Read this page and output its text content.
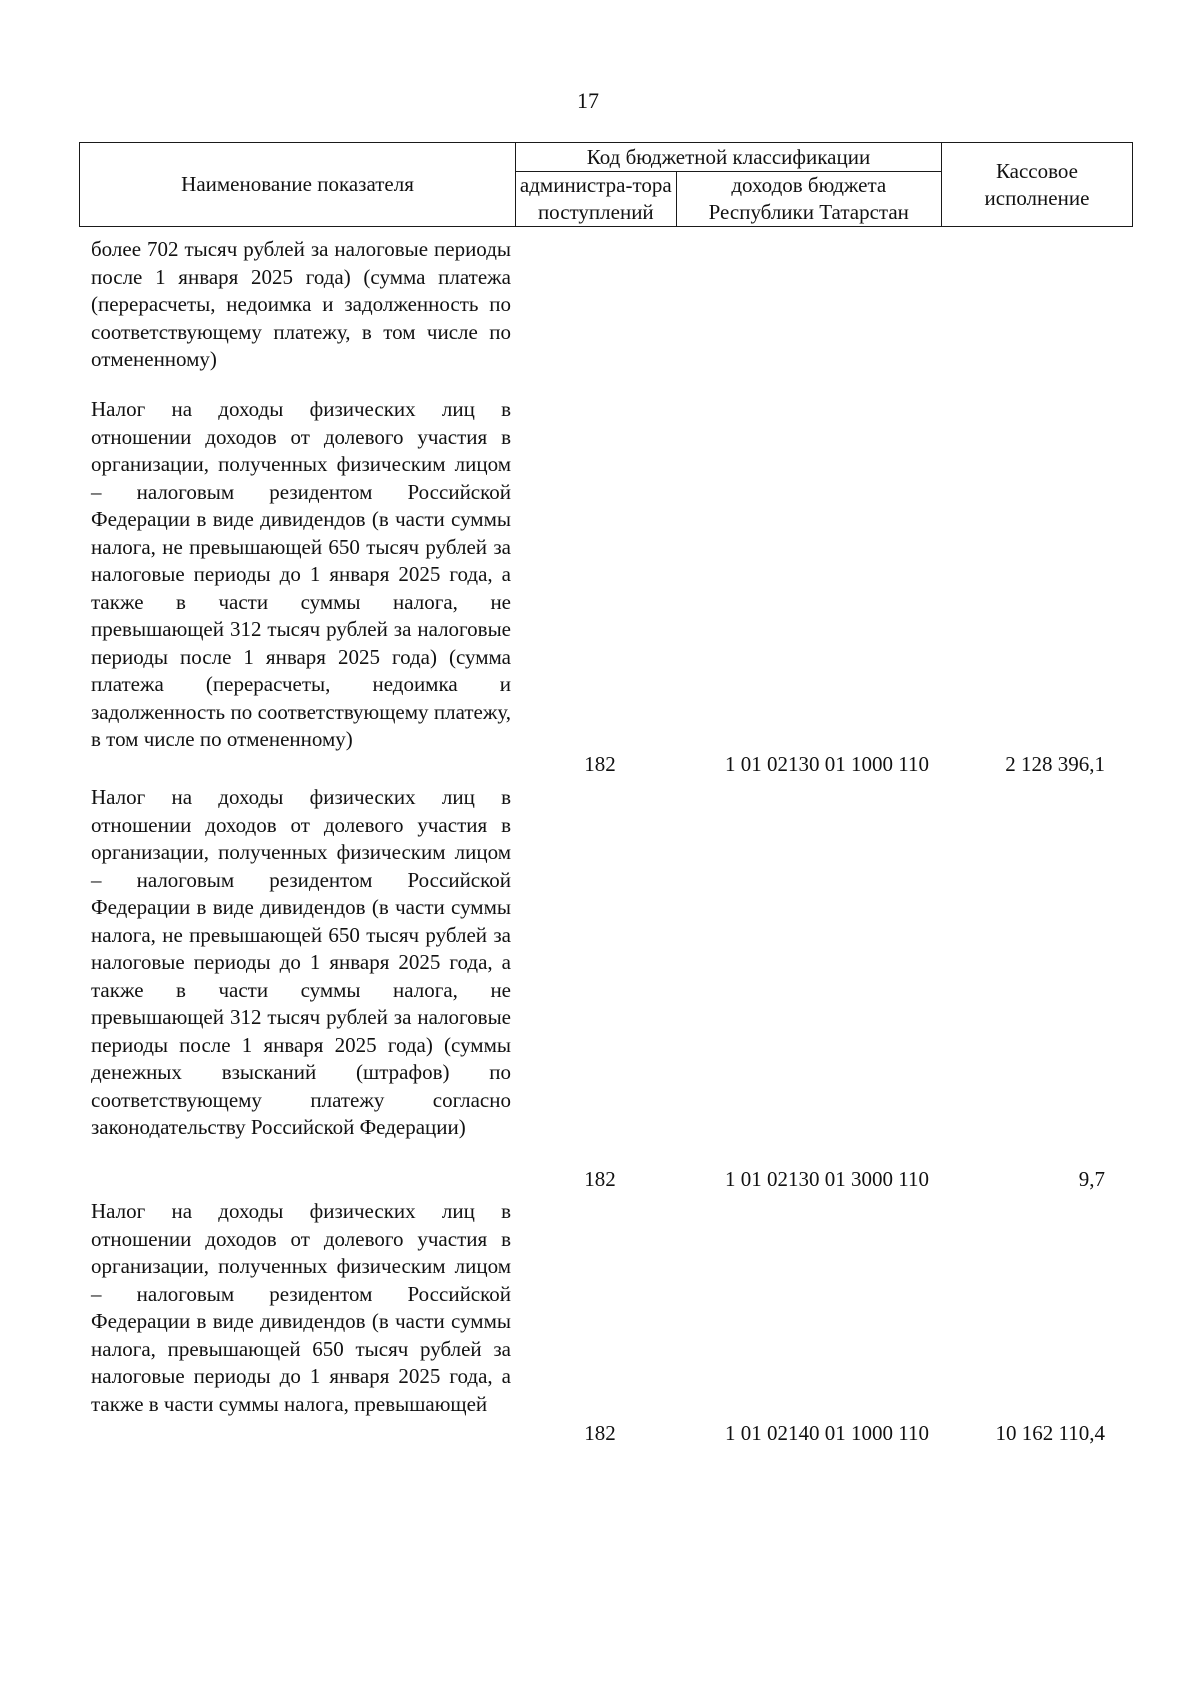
17
Наименование показателя	Код бюджетной классификации		Кассовое исполнение
	администра-тора поступлений	доходов бюджета Республики Татарстан	
более 702 тысяч рублей за налоговые периоды после 1 января 2025 года) (сумма платежа (перерасчеты, недоимка и задолженность по соответствующему платежу, в том числе по отмененному)
Налог на доходы физических лиц в отношении доходов от долевого участия в организации, полученных физическим лицом – налоговым резидентом Российской Федерации в виде дивидендов (в части суммы налога, не превышающей 650 тысяч рублей за налоговые периоды до 1 января 2025 года, а также в части суммы налога, не превышающей 312 тысяч рублей за налоговые периоды после 1 января 2025 года) (сумма платежа (перерасчеты, недоимка и задолженность по соответствующему платежу, в том числе по отмененному)
182	1 01 02130 01 1000 110	2 128 396,1
Налог на доходы физических лиц в отношении доходов от долевого участия в организации, полученных физическим лицом – налоговым резидентом Российской Федерации в виде дивидендов (в части суммы налога, не превышающей 650 тысяч рублей за налоговые периоды до 1 января 2025 года, а также в части суммы налога, не превышающей 312 тысяч рублей за налоговые периоды после 1 января 2025 года) (суммы денежных взысканий (штрафов) по соответствующему платежу согласно законодательству Российской Федерации)
182	1 01 02130 01 3000 110	9,7
Налог на доходы физических лиц в отношении доходов от долевого участия в организации, полученных физическим лицом – налоговым резидентом Российской Федерации в виде дивидендов (в части суммы налога, превышающей 650 тысяч рублей за налоговые периоды до 1 января 2025 года, а также в части суммы налога, превышающей
182	1 01 02140 01 1000 110	10 162 110,4
